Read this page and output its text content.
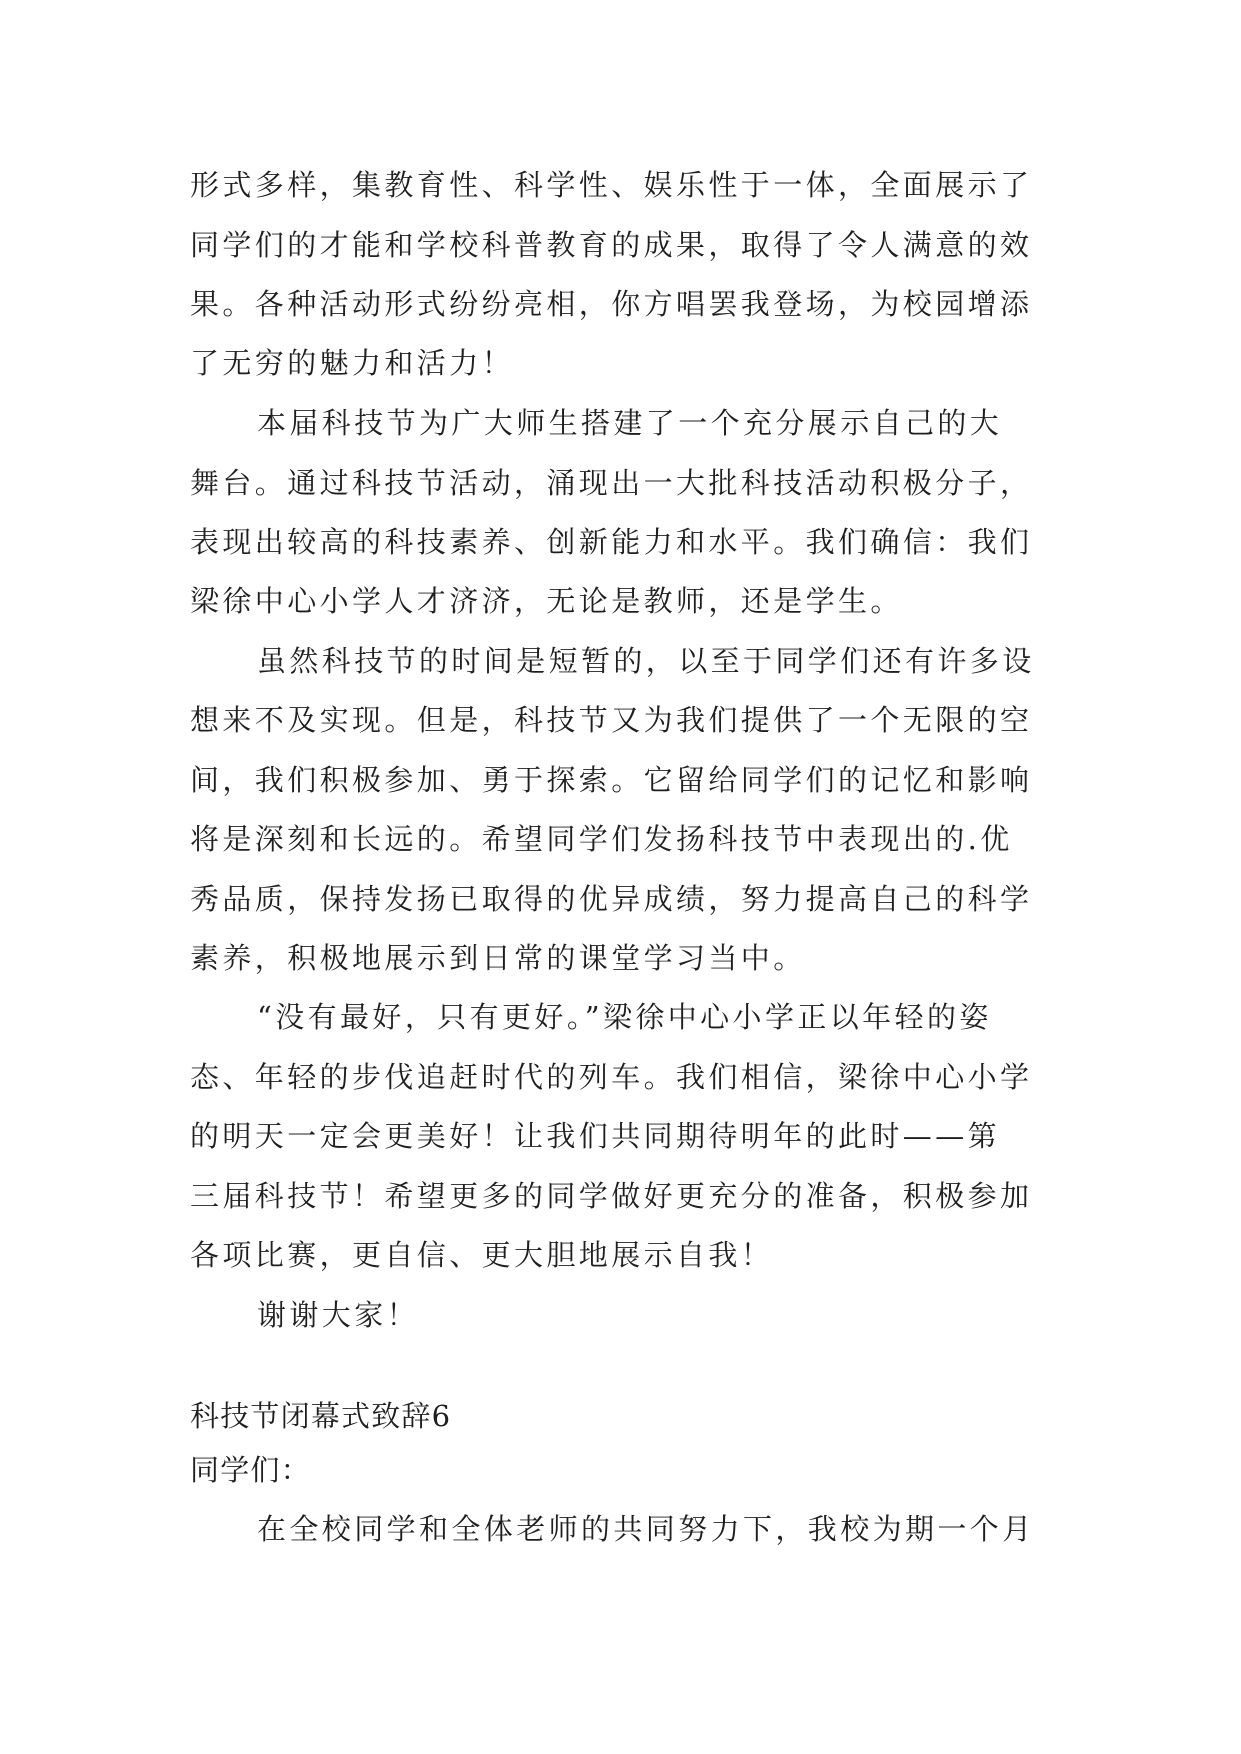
形式多样，集教育性、科学性、娱乐性于一体，全面展示了
同学们的才能和学校科普教育的成果，取得了令人满意的效
果。各种活动形式纷纷亮相，你方唱罢我登场，为校园增添
了无穷的魅力和活力！
本届科技节为广大师生搭建了一个充分展示自己的大
舞台。通过科技节活动，涌现出一大批科技活动积极分子，
表现出较高的科技素养、创新能力和水平。我们确信：我们
梁徐中心小学人才济济，无论是教师，还是学生。
虽然科技节的时间是短暂的，以至于同学们还有许多设
想来不及实现。但是，科技节又为我们提供了一个无限的空
间，我们积极参加、勇于探索。它留给同学们的记忆和影响
将是深刻和长远的。希望同学们发扬科技节中表现出的.优
秀品质，保持发扬已取得的优异成绩，努力提高自己的科学
素养，积极地展示到日常的课堂学习当中。
“没有最好，只有更好。”梁徐中心小学正以年轻的姿
态、年轻的步伐追赶时代的列车。我们相信，梁徐中心小学
的明天一定会更美好！让我们共同期待明年的此时——第
三届科技节！希望更多的同学做好更充分的准备，积极参加
各项比赛，更自信、更大胆地展示自我！
谢谢大家！
科技节闭幕式致辞6
同学们：
在全校同学和全体老师的共同努力下，我校为期一个月
